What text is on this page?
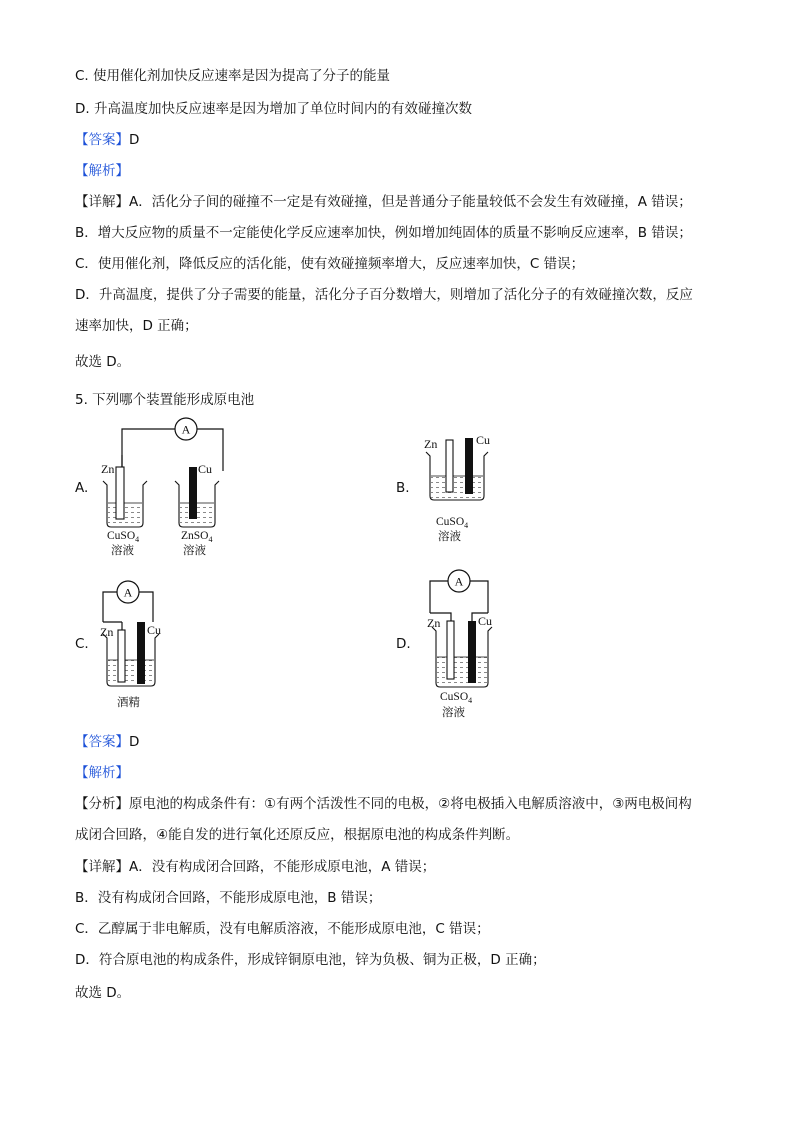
C. 使用催化剂加快反应速率是因为提高了分子的能量
D. 升高温度加快反应速率是因为增加了单位时间内的有效碰撞次数
【答案】D
【解析】
【详解】A．活化分子间的碰撞不一定是有效碰撞，但是普通分子能量较低不会发生有效碰撞，A 错误；
B．增大反应物的质量不一定能使化学反应速率加快，例如增加纯固体的质量不影响反应速率，B 错误；
C．使用催化剂，降低反应的活化能，使有效碰撞频率增大，反应速率加快，C 错误；
D．升高温度，提供了分子需要的能量，活化分子百分数增大，则增加了活化分子的有效碰撞次数，反应
速率加快，D 正确；
故选 D。
5. 下列哪个装置能形成原电池
A.
A
Zn	Cu
CuSO$_4$
溶液
ZnSO$_4$
溶液
B.
Zn	Cu
CuSO$_4$
溶液
C.
A
Zn	Cu
酒精
D.
A
Zn	Cu
CuSO$_4$
溶液
【答案】D
【解析】
【分析】原电池的构成条件有：①有两个活泼性不同的电极，②将电极插入电解质溶液中，③两电极间构
成闭合回路，④能自发的进行氧化还原反应，根据原电池的构成条件判断。
【详解】A．没有构成闭合回路，不能形成原电池，A 错误；
B．没有构成闭合回路，不能形成原电池，B 错误；
C．乙醇属于非电解质，没有电解质溶液，不能形成原电池，C 错误；
D．符合原电池的构成条件，形成锌铜原电池，锌为负极、铜为正极，D 正确；
故选 D。
